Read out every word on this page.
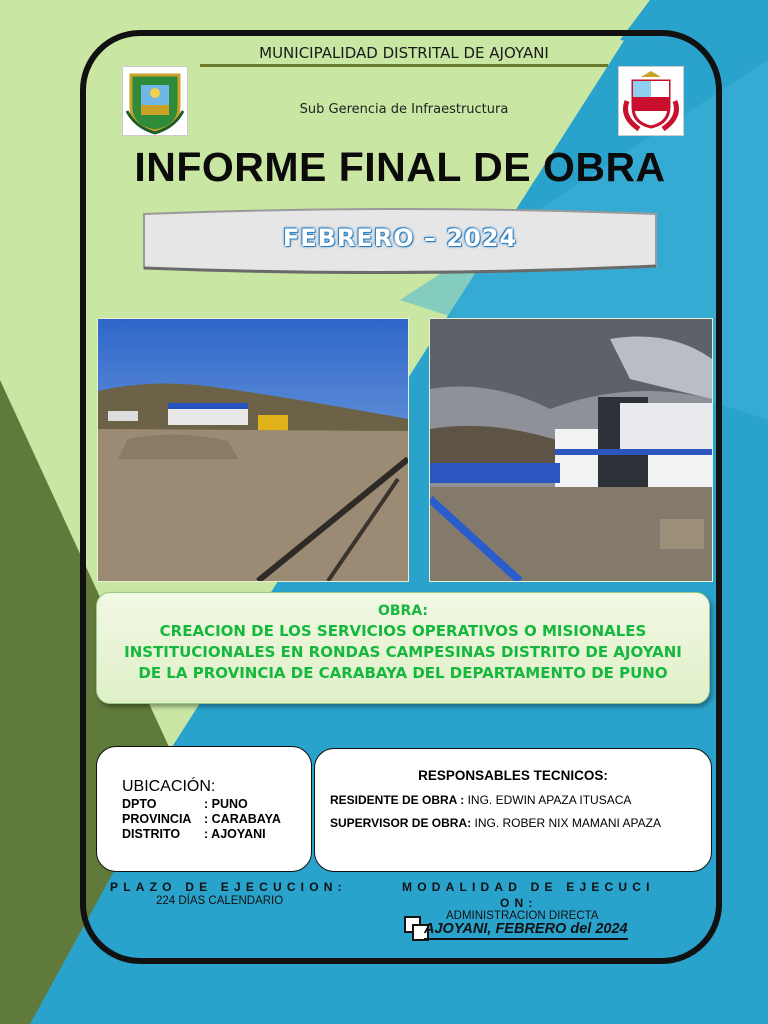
MUNICIPALIDAD DISTRITAL DE AJOYANI
Sub Gerencia de Infraestructura
INFORME FINAL DE OBRA
FEBRERO – 2024
OBRA:
CREACION DE LOS SERVICIOS OPERATIVOS O MISIONALES INSTITUCIONALES EN RONDAS CAMPESINAS DISTRITO DE AJOYANI DE LA PROVINCIA DE CARABAYA DEL DEPARTAMENTO DE PUNO
UBICACIÓN:
DPTO	: PUNO
PROVINCIA : CARABAYA
DISTRITO : AJOYANI
RESPONSABLES TECNICOS:
RESIDENTE DE OBRA : ING. EDWIN APAZA ITUSACA
SUPERVISOR DE OBRA: ING. ROBER NIX MAMANI APAZA
PLAZO DE EJECUCION:
224 DÍAS CALENDARIO
MODALIDAD DE EJECUCI
ON:
ADMINISTRACION DIRECTA
AJOYANI, FEBRERO del 2024
